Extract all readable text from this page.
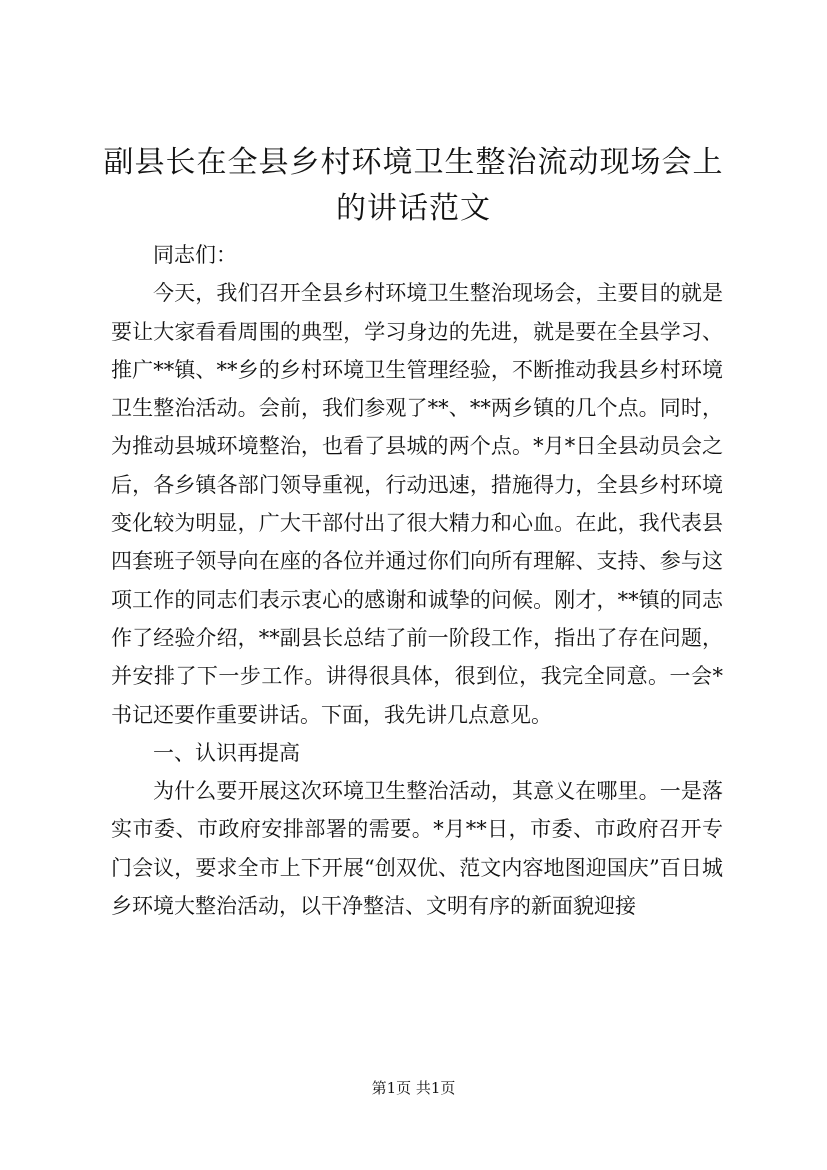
副县长在全县乡村环境卫生整治流动现场会上
的讲话范文

同志们：

今天，我们召开全县乡村环境卫生整治现场会，主要目的就是要让大家看看周围的典型，学习身边的先进，就是要在全县学习、推广**镇、**乡的乡村环境卫生管理经验，不断推动我县乡村环境卫生整治活动。会前，我们参观了**、**两乡镇的几个点。同时，为推动县城环境整治，也看了县城的两个点。*月*日全县动员会之后，各乡镇各部门领导重视，行动迅速，措施得力，全县乡村环境变化较为明显，广大干部付出了很大精力和心血。在此，我代表县四套班子领导向在座的各位并通过你们向所有理解、支持、参与这项工作的同志们表示衷心的感谢和诚挚的问候。刚才，**镇的同志作了经验介绍，**副县长总结了前一阶段工作，指出了存在问题，并安排了下一步工作。讲得很具体，很到位，我完全同意。一会*书记还要作重要讲话。下面，我先讲几点意见。

一、认识再提高

为什么要开展这次环境卫生整治活动，其意义在哪里。一是落实市委、市政府安排部署的需要。*月**日，市委、市政府召开专门会议，要求全市上下开展“创双优、范文内容地图迎国庆”百日城乡环境大整治活动，以干净整洁、文明有序的新面貌迎接

第1页 共1页
